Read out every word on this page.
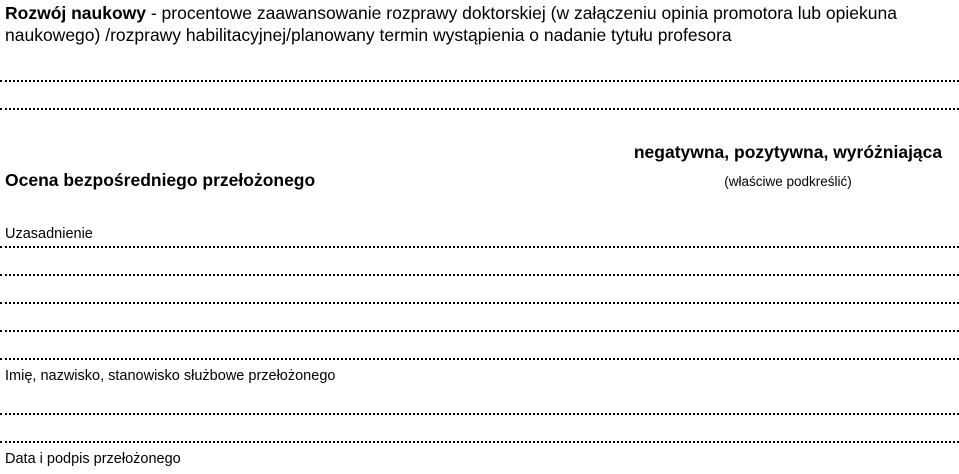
Rozwój naukowy - procentowe zaawansowanie rozprawy doktorskiej (w załączeniu opinia promotora lub opiekuna naukowego) /rozprawy habilitacyjnej/planowany termin wystąpienia o nadanie tytułu profesora
Ocena bezpośredniego przełożonego
negatywna, pozytywna, wyróżniająca
(właściwe podkreślić)
Uzasadnienie
Imię, nazwisko, stanowisko służbowe przełożonego
Data i podpis przełożonego
